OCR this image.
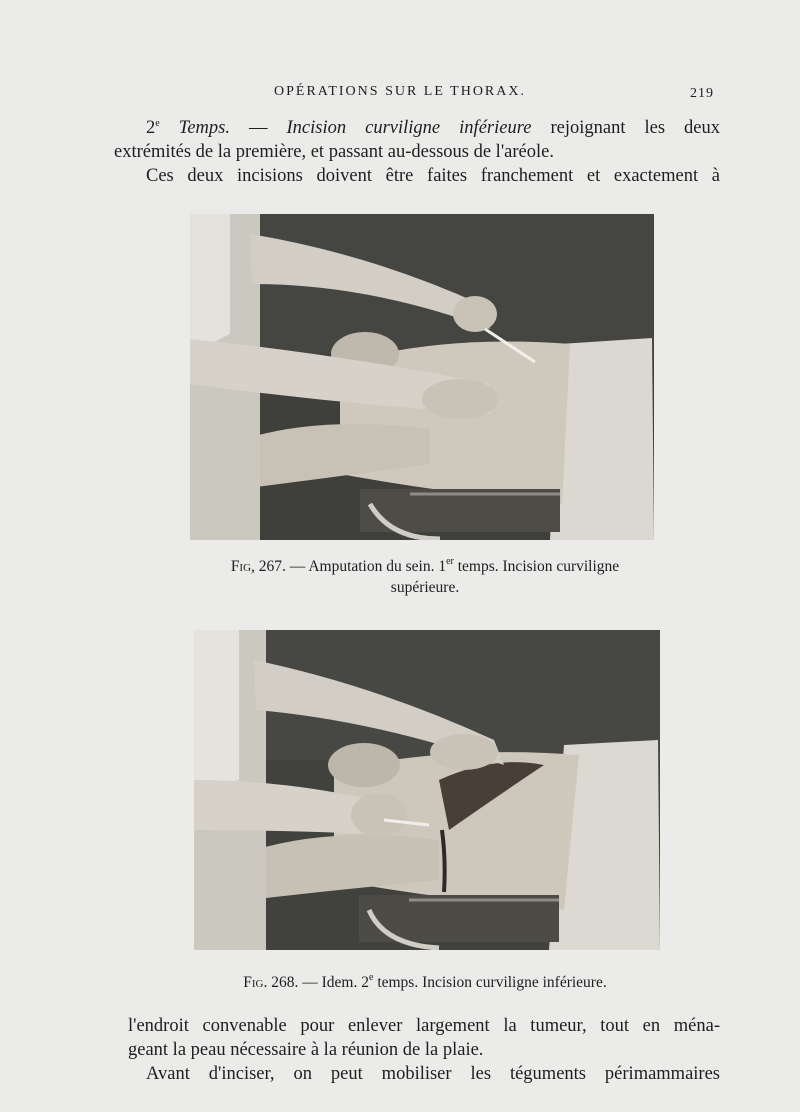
OPÉRATIONS SUR LE THORAX.	219
2e Temps. — Incision curviligne inférieure rejoignant les deux
extrémités de la première, et passant au-dessous de l'aréole.
Ces deux incisions doivent être faites franchement et exactement à
Fig, 267. — Amputation du sein. 1er temps. Incision curviligne
supérieure.
Fig. 268. — Idem. 2e temps. Incision curviligne inférieure.
l'endroit convenable pour enlever largement la tumeur, tout en ména-
geant la peau nécessaire à la réunion de la plaie.
Avant d'inciser, on peut mobiliser les téguments périmammaires
